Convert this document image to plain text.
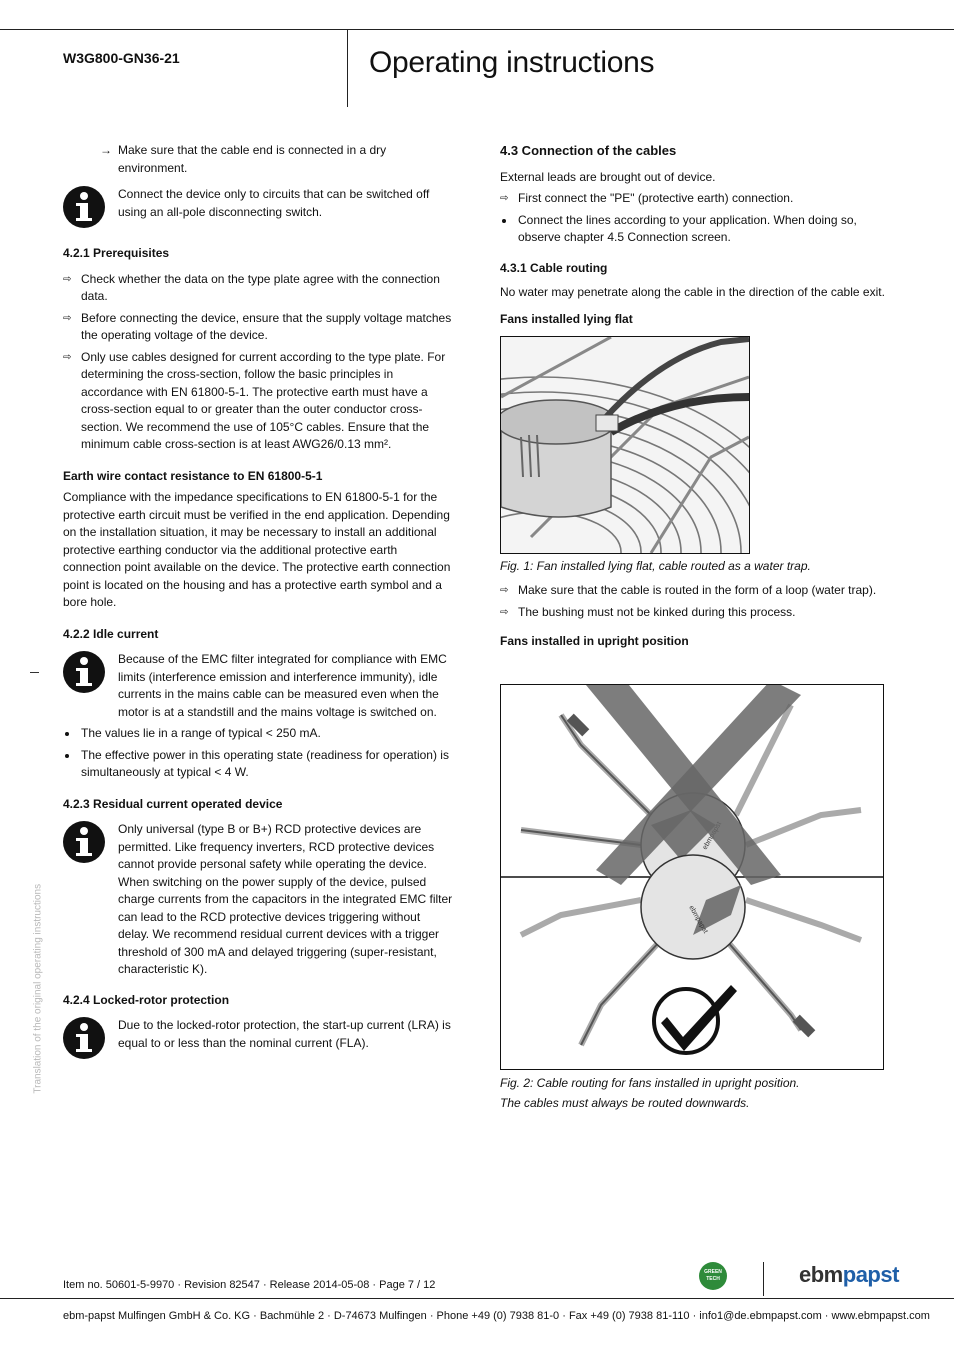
W3G800-GN36-21	Operating instructions
→ Make sure that the cable end is connected in a dry environment.

Connect the device only to circuits that can be switched off using an all-pole disconnecting switch.

4.2.1 Prerequisites

⇨ Check whether the data on the type plate agree with the connection data.

⇨ Before connecting the device, ensure that the supply voltage matches the operating voltage of the device.

⇨ Only use cables designed for current according to the type plate. For determining the cross-section, follow the basic principles in accordance with EN 61800-5-1. The protective earth must have a cross-section equal to or greater than the outer conductor cross-section. We recommend the use of 105°C cables. Ensure that the minimum cable cross-section is at least AWG26/0.13 mm².

Earth wire contact resistance to EN 61800-5-1

Compliance with the impedance specifications to EN 61800-5-1 for the protective earth circuit must be verified in the end application. Depending on the installation situation, it may be necessary to install an additional protective earthing conductor via the additional protective earth connection point available on the device. The protective earth connection point is located on the housing and has a protective earth symbol and a bore hole.

4.2.2 Idle current

Because of the EMC filter integrated for compliance with EMC limits (interference emission and interference immunity), idle currents in the mains cable can be measured even when the motor is at a standstill and the mains voltage is switched on.

The values lie in a range of typical < 250 mA.

The effective power in this operating state (readiness for operation) is simultaneously at typical < 4 W.

4.2.3 Residual current operated device

Only universal (type B or B+) RCD protective devices are permitted. Like frequency inverters, RCD protective devices cannot provide personal safety while operating the device. When switching on the power supply of the device, pulsed charge currents from the capacitors in the integrated EMC filter can lead to the RCD protective devices triggering without delay. We recommend residual current devices with a trigger threshold of 300 mA and delayed triggering (super-resistant, characteristic K).

4.2.4 Locked-rotor protection

Due to the locked-rotor protection, the start-up current (LRA) is equal to or less than the nominal current (FLA).

Translation of the original operating instructions

4.3 Connection of the cables

External leads are brought out of device.

⇨ First connect the "PE" (protective earth) connection.

Connect the lines according to your application. When doing so, observe chapter 4.5 Connection screen.

4.3.1 Cable routing

No water may penetrate along the cable in the direction of the cable exit.

Fans installed lying flat

Fig. 1: Fan installed lying flat, cable routed as a water trap.
⇨ Make sure that the cable is routed in the form of a loop (water trap).

⇨ The bushing must not be kinked during this process.

Fans installed in upright position

ebmpapst
Fig. 2: Cable routing for fans installed in upright position.
The cables must always be routed downwards.
Item no. 50601-5-9970 · Revision 82547 · Release 2014-05-08 · Page 7 / 12
GREEN
TECH	ebmpapst
ebm-papst Mulfingen GmbH & Co. KG · Bachmühle 2 · D-74673 Mulfingen · Phone +49 (0) 7938 81-0 · Fax +49 (0) 7938 81-110 · info1@de.ebmpapst.com · www.ebmpapst.com
